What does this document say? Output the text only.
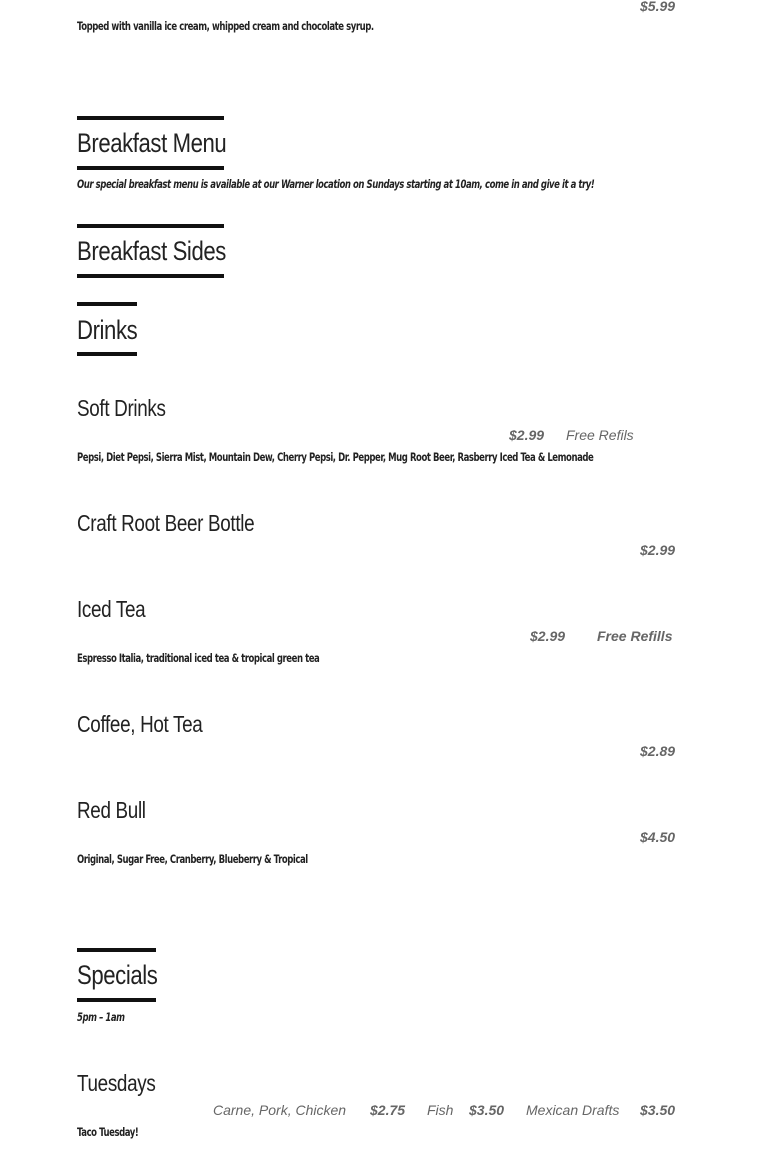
$5.99
Topped with vanilla ice cream, whipped cream and chocolate syrup.
Breakfast Menu
Our special breakfast menu is available at our Warner location on Sundays starting at 10am, come in and give it a try!
Breakfast Sides
Drinks
Soft Drinks
$2.99 Free Refils
Pepsi, Diet Pepsi, Sierra Mist, Mountain Dew, Cherry Pepsi, Dr. Pepper, Mug Root Beer, Rasberry Iced Tea & Lemonade
Craft Root Beer Bottle
$2.99
Iced Tea
$2.99 Free Refills
Espresso Italia, traditional iced tea & tropical green tea
Coffee, Hot Tea
$2.89
Red Bull
$4.50
Original, Sugar Free, Cranberry, Blueberry & Tropical
Specials
5pm – 1am
Tuesdays
Carne, Pork, Chicken $2.75 Fish $3.50 Mexican Drafts $3.50
Taco Tuesday!
